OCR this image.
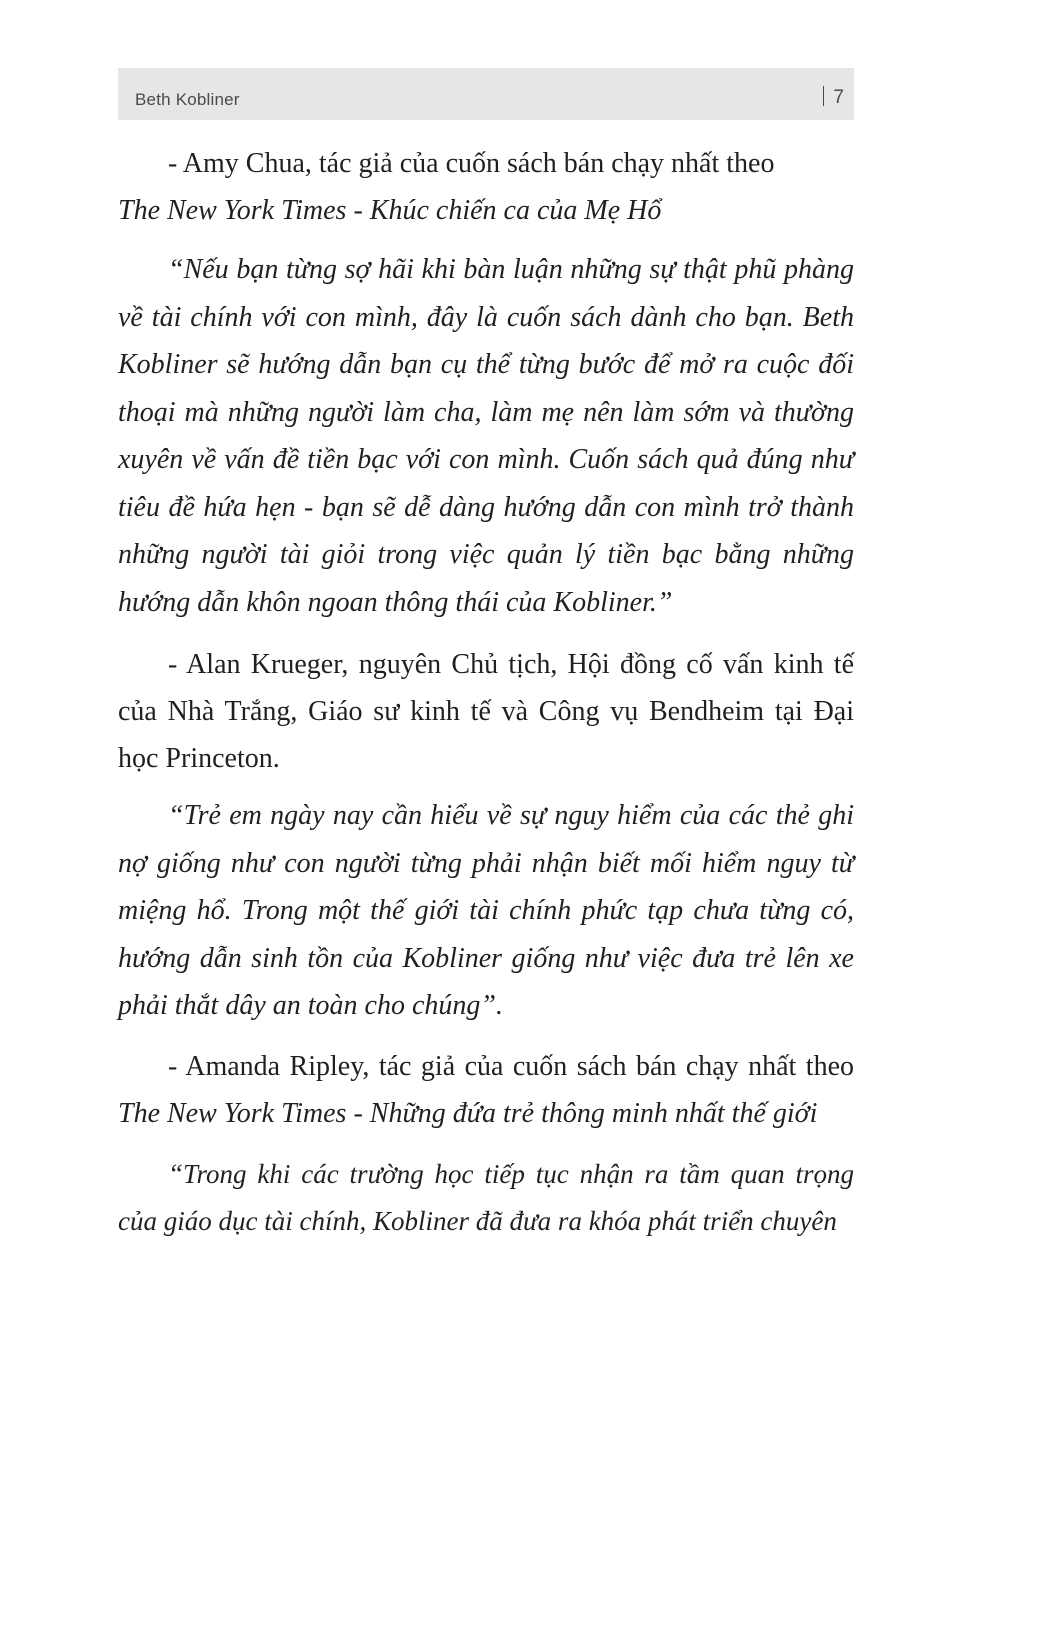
Beth Kobliner	7
- Amy Chua, tác giả của cuốn sách bán chạy nhất theo
The New York Times - Khúc chiến ca của Mẹ Hổ

“Nếu bạn từng sợ hãi khi bàn luận những sự thật phũ phàng về tài chính với con mình, đây là cuốn sách dành cho bạn. Beth Kobliner sẽ hướng dẫn bạn cụ thể từng bước để mở ra cuộc đối thoại mà những người làm cha, làm mẹ nên làm sớm và thường xuyên về vấn đề tiền bạc với con mình. Cuốn sách quả đúng như tiêu đề hứa hẹn - bạn sẽ dễ dàng hướng dẫn con mình trở thành những người tài giỏi trong việc quản lý tiền bạc bằng những hướng dẫn khôn ngoan thông thái của Kobliner.”

- Alan Krueger, nguyên Chủ tịch, Hội đồng cố vấn kinh tế của Nhà Trắng, Giáo sư kinh tế và Công vụ Bendheim tại Đại học Princeton.

“Trẻ em ngày nay cần hiểu về sự nguy hiểm của các thẻ ghi nợ giống như con người từng phải nhận biết mối hiểm nguy từ miệng hổ. Trong một thế giới tài chính phức tạp chưa từng có, hướng dẫn sinh tồn của Kobliner giống như việc đưa trẻ lên xe phải thắt dây an toàn cho chúng”.

- Amanda Ripley, tác giả của cuốn sách bán chạy nhất theo The New York Times - Những đứa trẻ thông minh nhất thế giới

“Trong khi các trường học tiếp tục nhận ra tầm quan trọng của giáo dục tài chính, Kobliner đã đưa ra khóa phát triển chuyên
